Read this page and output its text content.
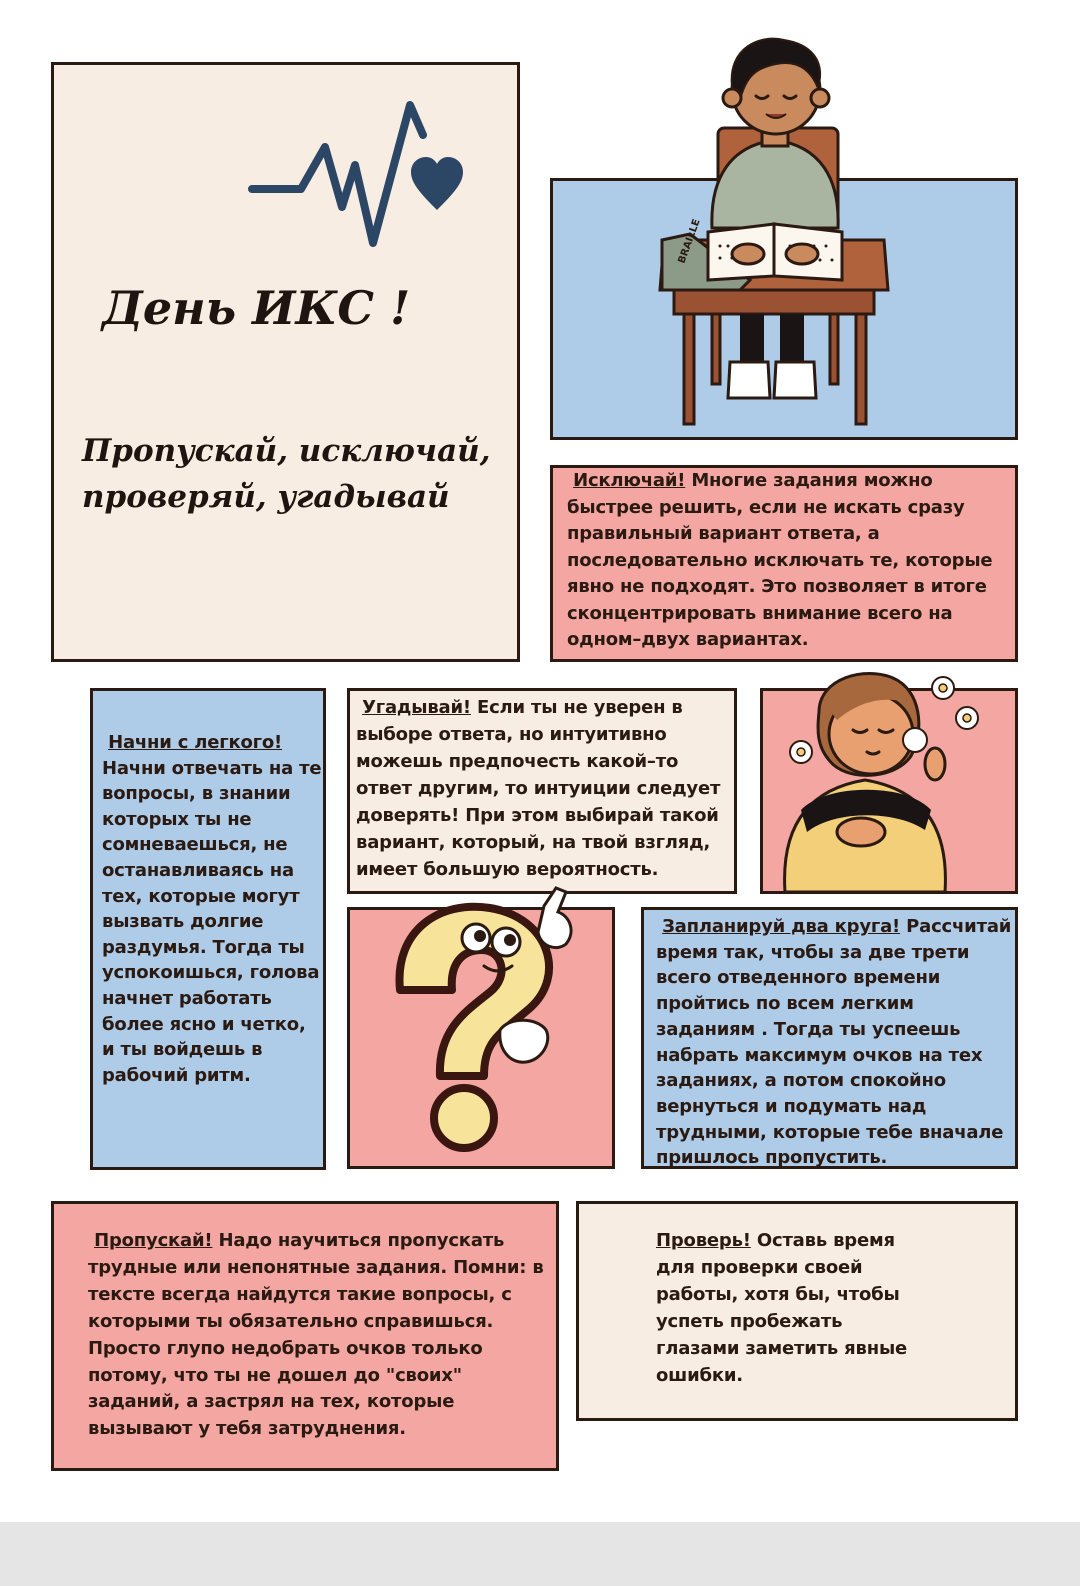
День ИКС !
Пропускай, исключай,
проверяй, угадывай
BRAILLE

Исключай! Многие задания можно быстрее решить, если не искать сразу правильный вариант ответа, а последовательно исключать те, которые явно не подходят. Это позволяет в итоге сконцентрировать внимание всего на одном–двух вариантах.

Начни с легкого!

Начни отвечать на те вопросы, в знании которых ты не сомневаешься, не останавливаясь на тех, которые могут вызвать долгие раздумья. Тогда ты успокоишься, голова начнет работать более ясно и четко, и ты войдешь в рабочий ритм.

Угадывай! Если ты не уверен в выборе ответа, но интуитивно можешь предпочесть какой–то ответ другим, то интуиции следует доверять! При этом выбирай такой вариант, который, на твой взгляд, имеет большую вероятность.

Запланируй два круга! Рассчитай время так, чтобы за две трети всего отведенного времени пройтись по всем легким заданиям . Тогда ты успеешь набрать максимум очков на тех заданиях, а потом спокойно вернуться и подумать над трудными, которые тебе вначале пришлось пропустить.

Пропускай! Надо научиться пропускать трудные или непонятные задания. Помни: в тексте всегда найдутся такие вопросы, с которыми ты обязательно справишься. Просто глупо недобрать очков только потому, что ты не дошел до "своих" заданий, а застрял на тех, которые вызывают у тебя затруднения.

Проверь! Оставь время для проверки своей работы, хотя бы, чтобы успеть пробежать глазами заметить явные ошибки.
